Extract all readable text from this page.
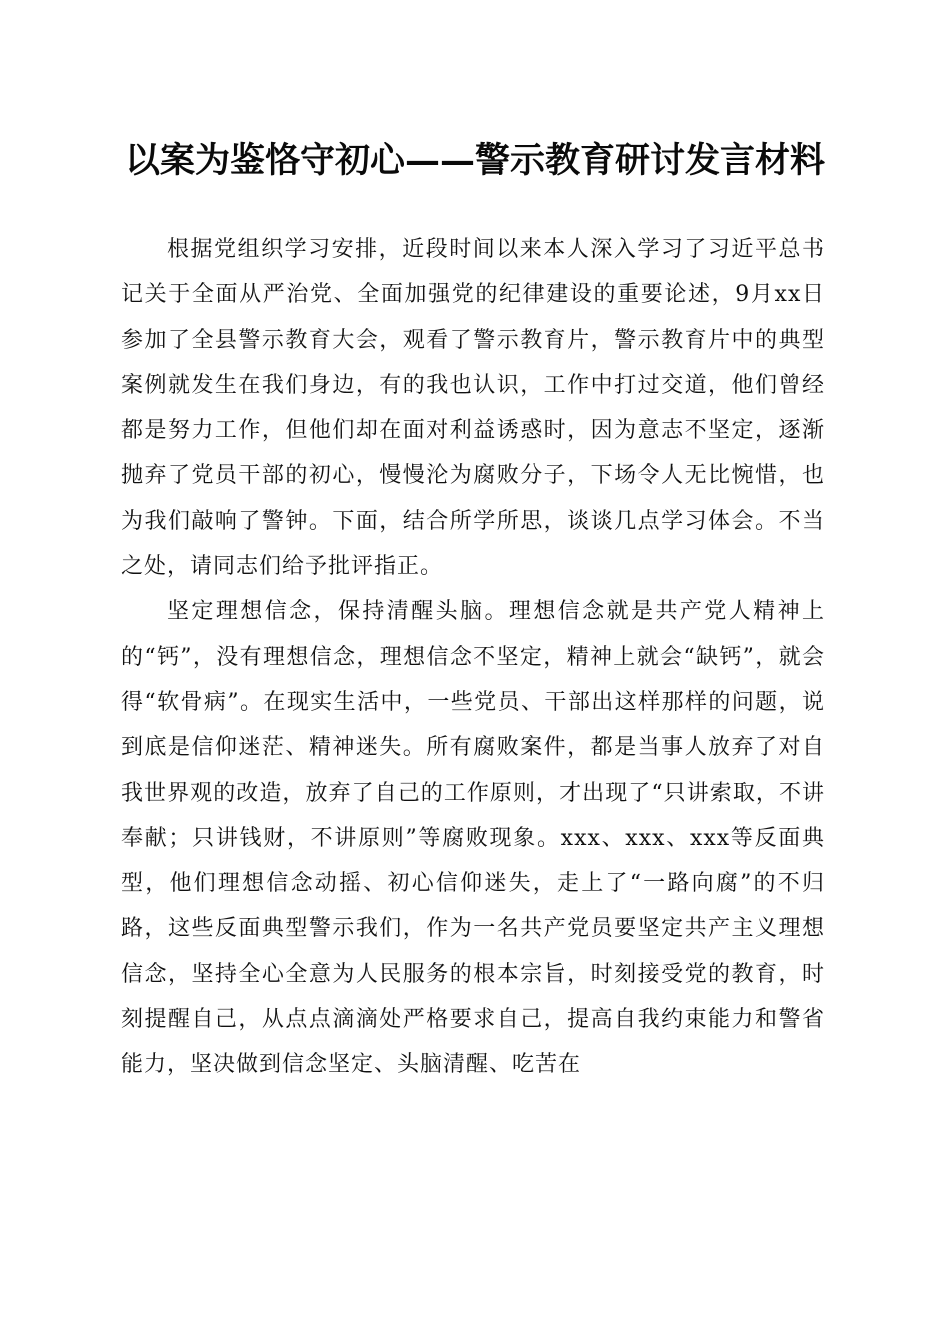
以案为鉴恪守初心——警示教育研讨发言材料

根据党组织学习安排，近段时间以来本人深入学习了习近平总书记关于全面从严治党、全面加强党的纪律建设的重要论述，9月xx日参加了全县警示教育大会，观看了警示教育片，警示教育片中的典型案例就发生在我们身边，有的我也认识，工作中打过交道，他们曾经都是努力工作，但他们却在面对利益诱惑时，因为意志不坚定，逐渐抛弃了党员干部的初心，慢慢沦为腐败分子，下场令人无比惋惜，也为我们敲响了警钟。下面，结合所学所思，谈谈几点学习体会。不当之处，请同志们给予批评指正。

坚定理想信念，保持清醒头脑。理想信念就是共产党人精神上的“钙”，没有理想信念，理想信念不坚定，精神上就会“缺钙”，就会得“软骨病”。在现实生活中，一些党员、干部出这样那样的问题，说到底是信仰迷茫、精神迷失。所有腐败案件，都是当事人放弃了对自我世界观的改造，放弃了自己的工作原则，才出现了“只讲索取，不讲奉献；只讲钱财，不讲原则”等腐败现象。xxx、xxx、xxx等反面典型，他们理想信念动摇、初心信仰迷失，走上了“一路向腐”的不归路，这些反面典型警示我们，作为一名共产党员要坚定共产主义理想信念，坚持全心全意为人民服务的根本宗旨，时刻接受党的教育，时刻提醒自己，从点点滴滴处严格要求自己，提高自我约束能力和警省能力，坚决做到信念坚定、头脑清醒、吃苦在
